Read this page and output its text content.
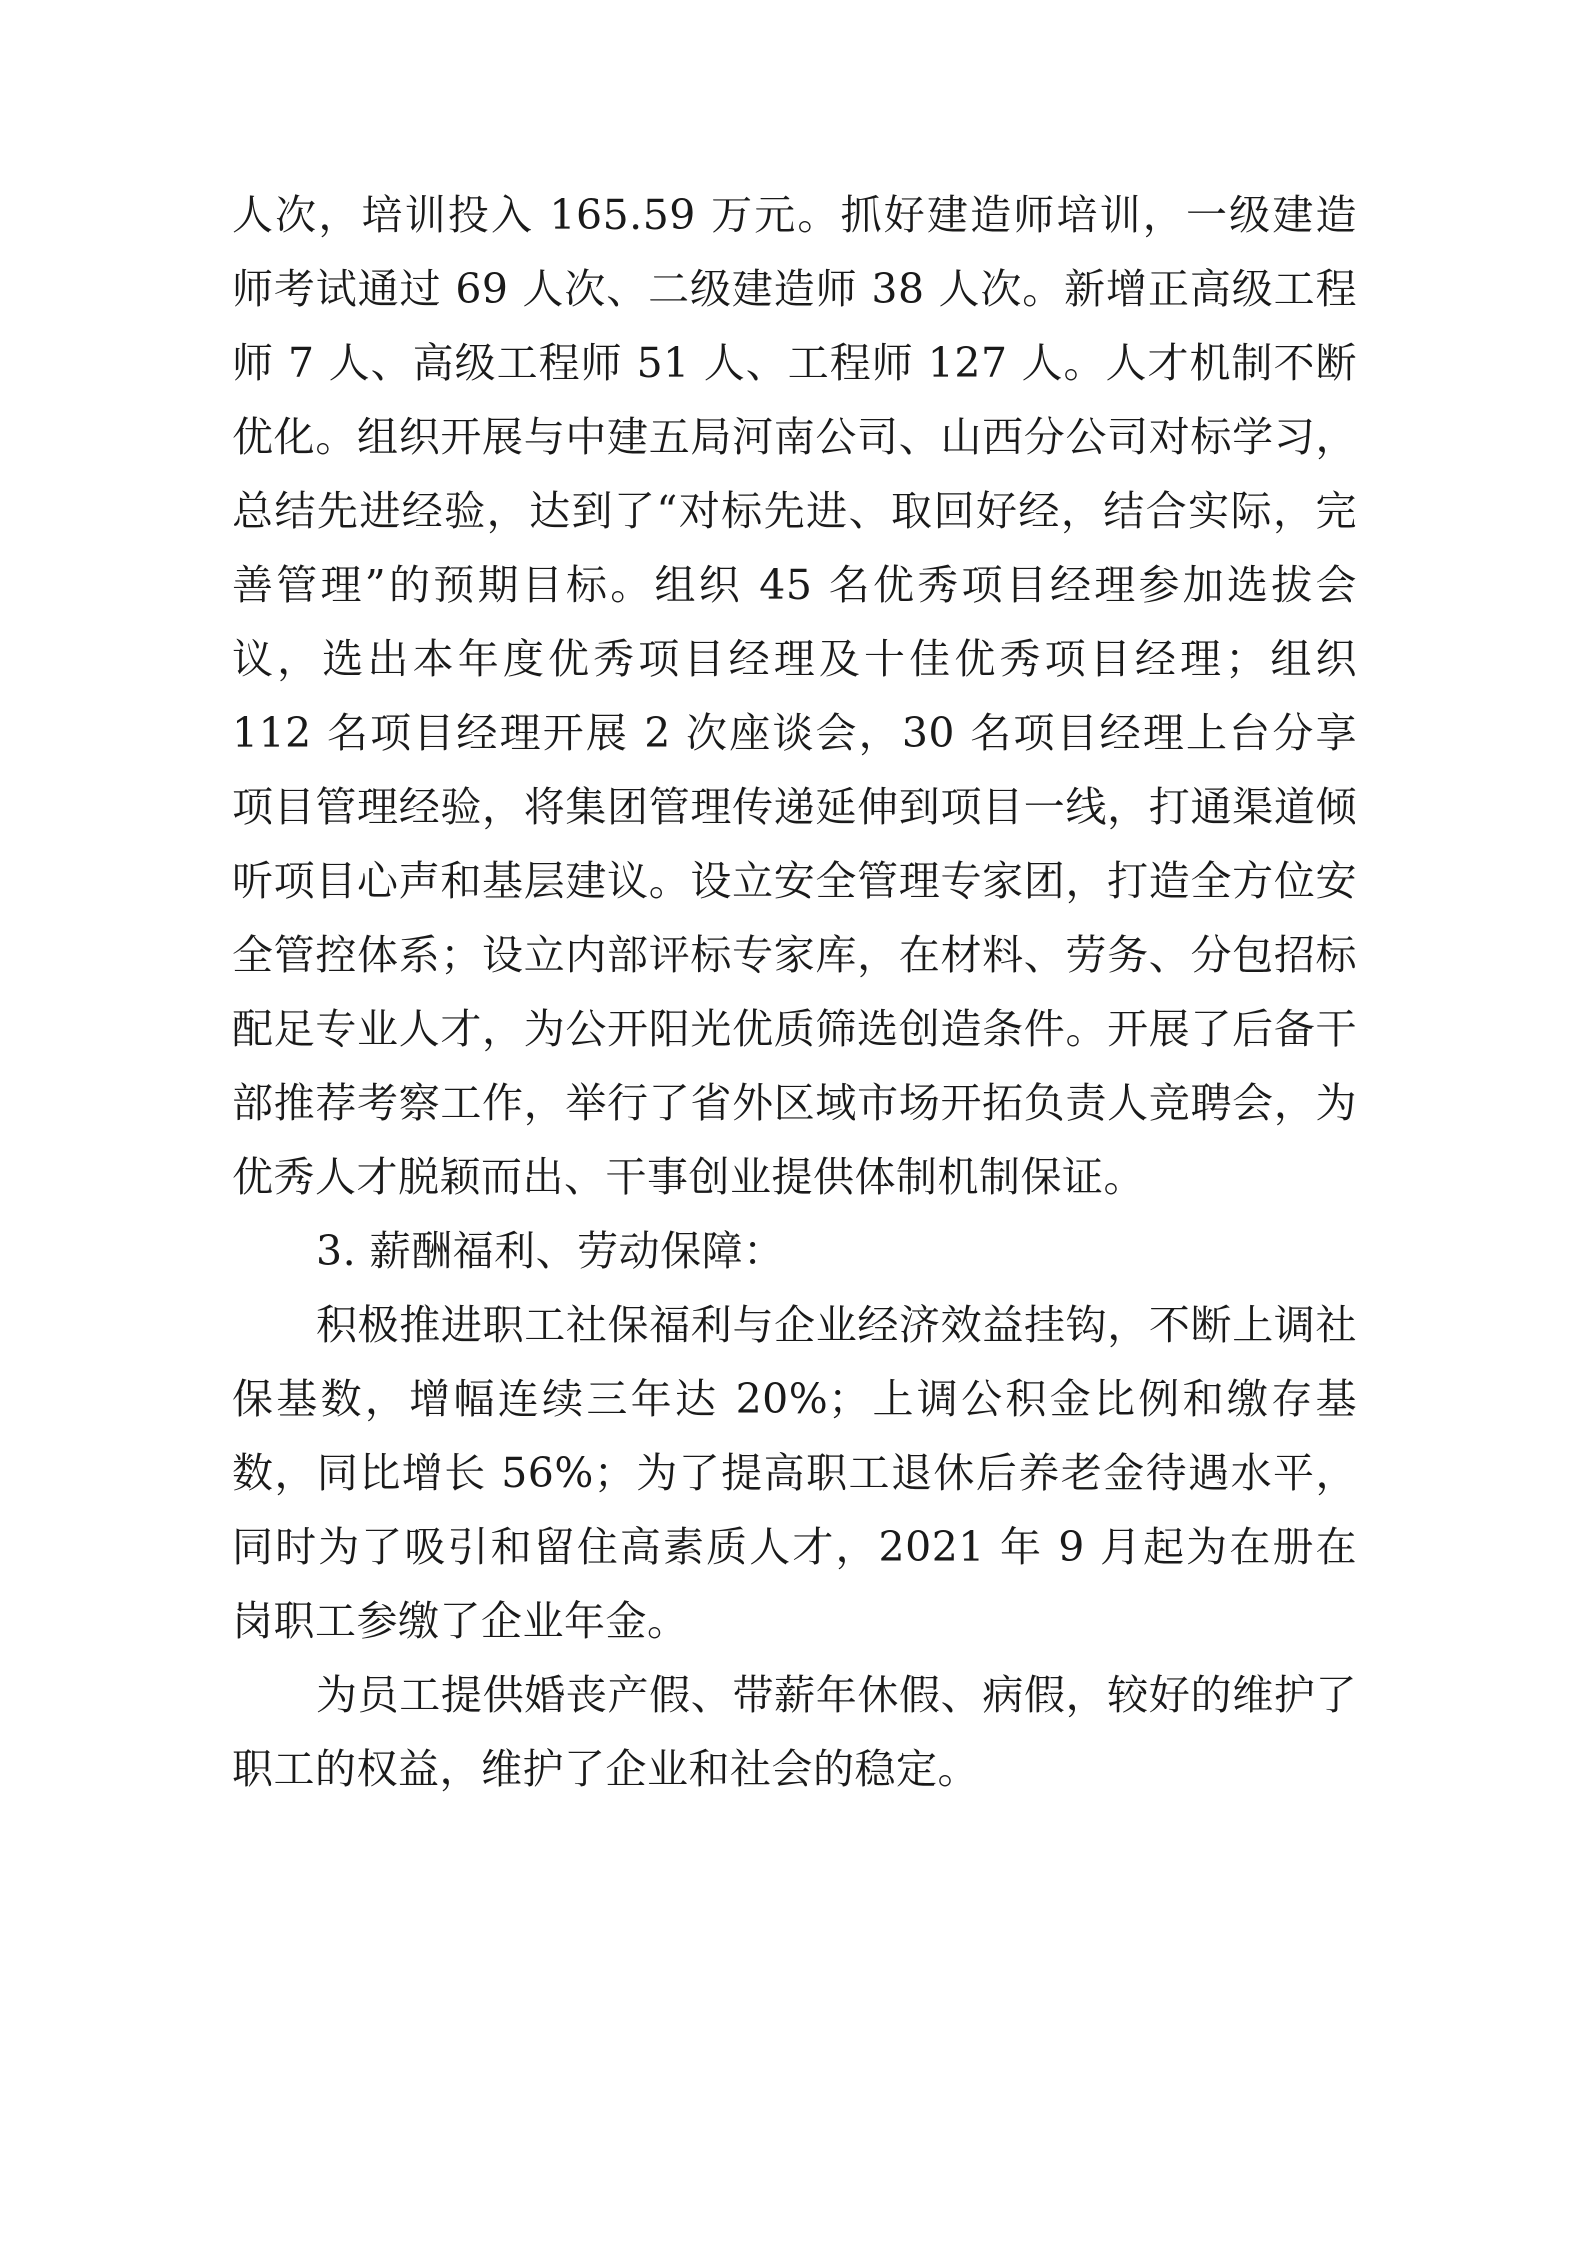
人次，培训投入 165.59 万元。抓好建造师培训，一级建造师考试通过 69 人次、二级建造师 38 人次。新增正高级工程师 7 人、高级工程师 51 人、工程师 127 人。人才机制不断优化。组织开展与中建五局河南公司、山西分公司对标学习，总结先进经验，达到了“对标先进、取回好经，结合实际，完善管理”的预期目标。组织 45 名优秀项目经理参加选拔会议，选出本年度优秀项目经理及十佳优秀项目经理；组织 112 名项目经理开展 2 次座谈会，30 名项目经理上台分享项目管理经验，将集团管理传递延伸到项目一线，打通渠道倾听项目心声和基层建议。设立安全管理专家团，打造全方位安全管控体系；设立内部评标专家库，在材料、劳务、分包招标配足专业人才，为公开阳光优质筛选创造条件。开展了后备干部推荐考察工作，举行了省外区域市场开拓负责人竞聘会，为优秀人才脱颖而出、干事创业提供体制机制保证。

3. 薪酬福利、劳动保障：

积极推进职工社保福利与企业经济效益挂钩，不断上调社保基数，增幅连续三年达 20%；上调公积金比例和缴存基数，同比增长 56%；为了提高职工退休后养老金待遇水平，同时为了吸引和留住高素质人才，2021 年 9 月起为在册在岗职工参缴了企业年金。

为员工提供婚丧产假、带薪年休假、病假，较好的维护了职工的权益，维护了企业和社会的稳定。
